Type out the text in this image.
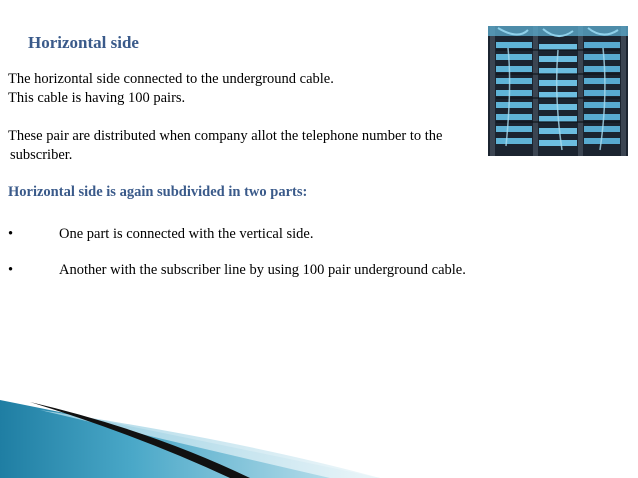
Horizontal side
The horizontal side connected to the underground cable.
This cable is having 100 pairs.
These pair are distributed when company allot the telephone number to the
subscriber.
Horizontal side is again subdivided in two parts:
•	One part is connected with the vertical side.
•	Another with the subscriber line by using 100 pair underground cable.
